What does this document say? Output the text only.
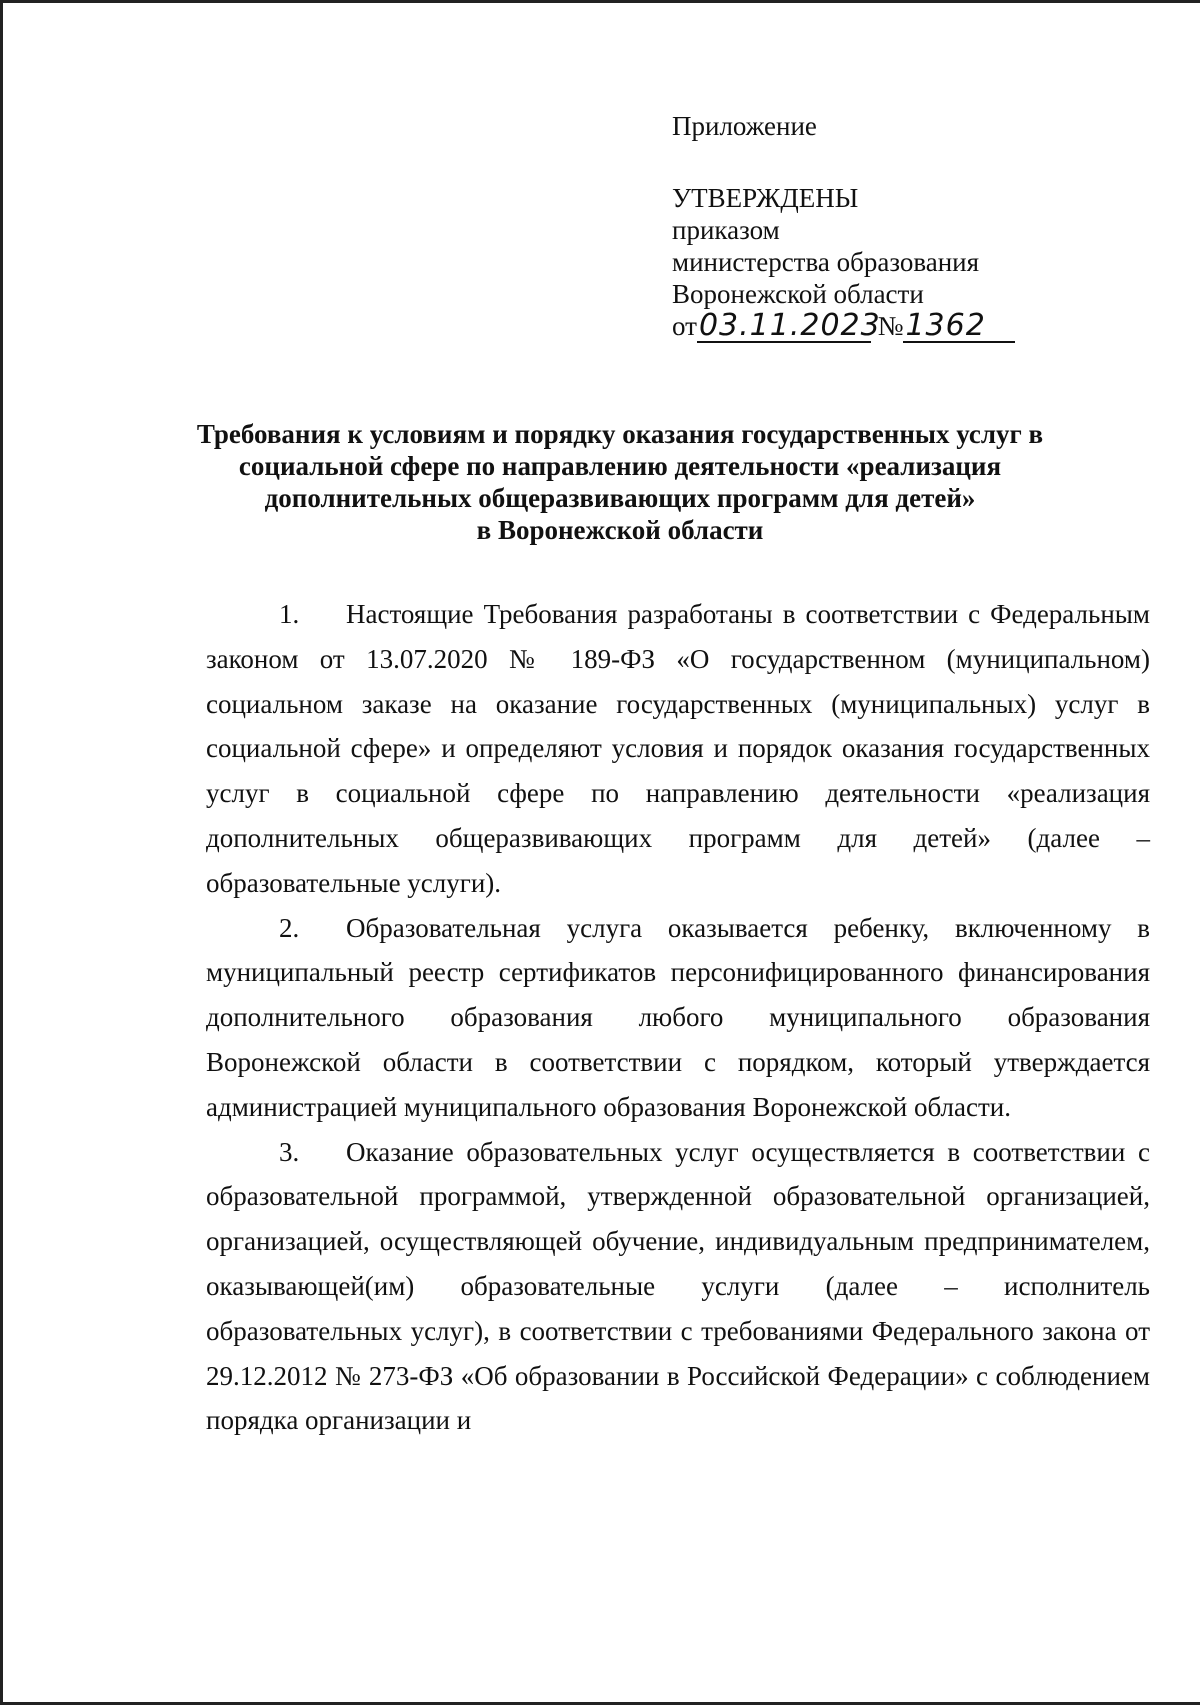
Приложение
УТВЕРЖДЕНЫ
приказом
министерства образования
Воронежской области
от03.11.2023 №1362
Требования к условиям и порядку оказания государственных услуг в
социальной сфере по направлению деятельности «реализация
дополнительных общеразвивающих программ для детей»
в Воронежской области

1. Настоящие Требования разработаны в соответствии с Федеральным законом от 13.07.2020 № 189-ФЗ «О государственном (муниципальном) социальном заказе на оказание государственных (муниципальных) услуг в социальной сфере» и определяют условия и порядок оказания государственных услуг в социальной сфере по направлению деятельности «реализация дополнительных общеразвивающих программ для детей» (далее – образовательные услуги).

2. Образовательная услуга оказывается ребенку, включенному в муниципальный реестр сертификатов персонифицированного финансирования дополнительного образования любого муниципального образования Воронежской области в соответствии с порядком, который утверждается администрацией муниципального образования Воронежской области.

3. Оказание образовательных услуг осуществляется в соответствии с образовательной программой, утвержденной образовательной организацией, организацией, осуществляющей обучение, индивидуальным предпринимателем, оказывающей(им) образовательные услуги (далее – исполнитель образовательных услуг), в соответствии с требованиями Федерального закона от 29.12.2012 № 273-ФЗ «Об образовании в Российской Федерации» с соблюдением порядка организации и
